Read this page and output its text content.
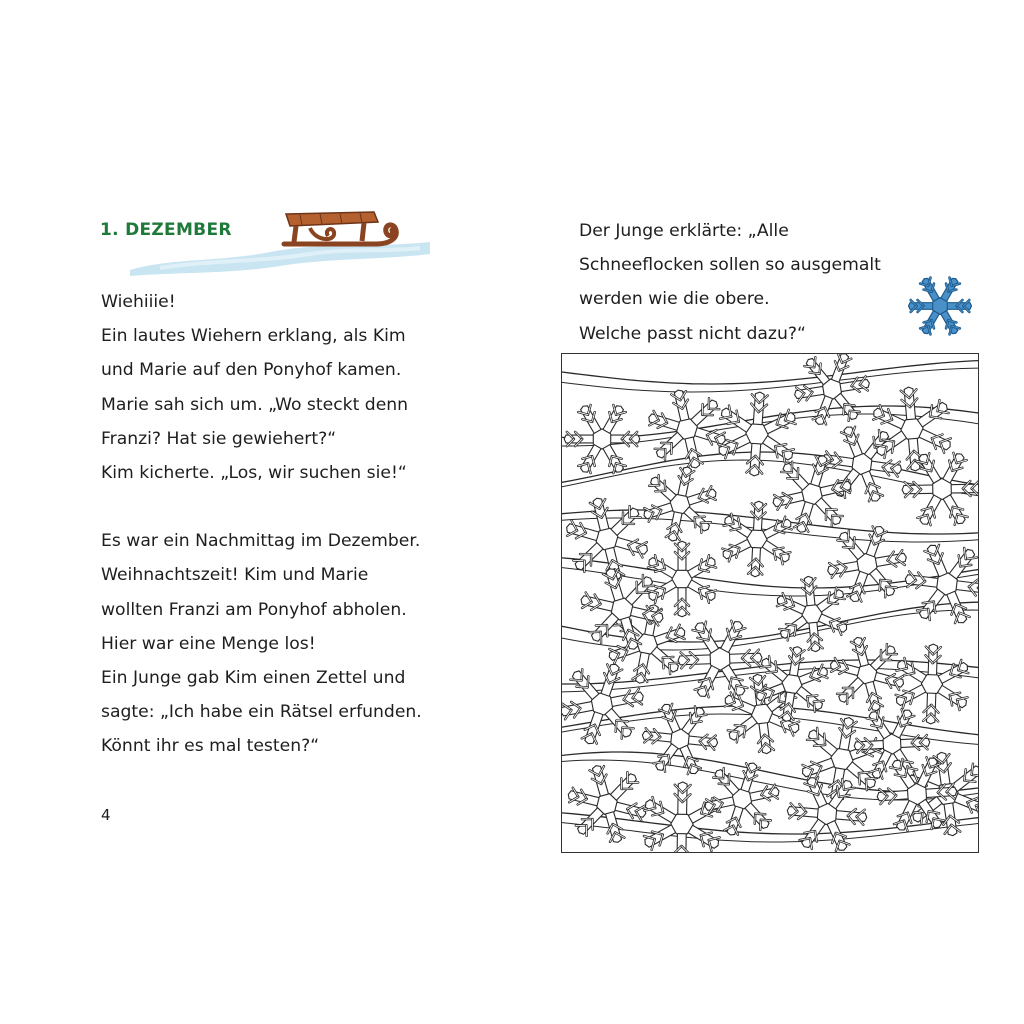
1. DEZEMBER

Wiehiiie!
Ein lautes Wiehern erklang, als Kim
und Marie auf den Ponyhof kamen.
Marie sah sich um. „Wo steckt denn
Franzi? Hat sie gewiehert?“
Kim kicherte. „Los, wir suchen sie!“

Es war ein Nachmittag im Dezember.
Weihnachtszeit! Kim und Marie
wollten Franzi am Ponyhof abholen.
Hier war eine Menge los!
Ein Junge gab Kim einen Zettel und
sagte: „Ich habe ein Rätsel erfunden.
Könnt ihr es mal testen?“

4
Der Junge erklärte: „Alle
Schneeflocken sollen so ausgemalt
werden wie die obere.
Welche passt nicht dazu?“
